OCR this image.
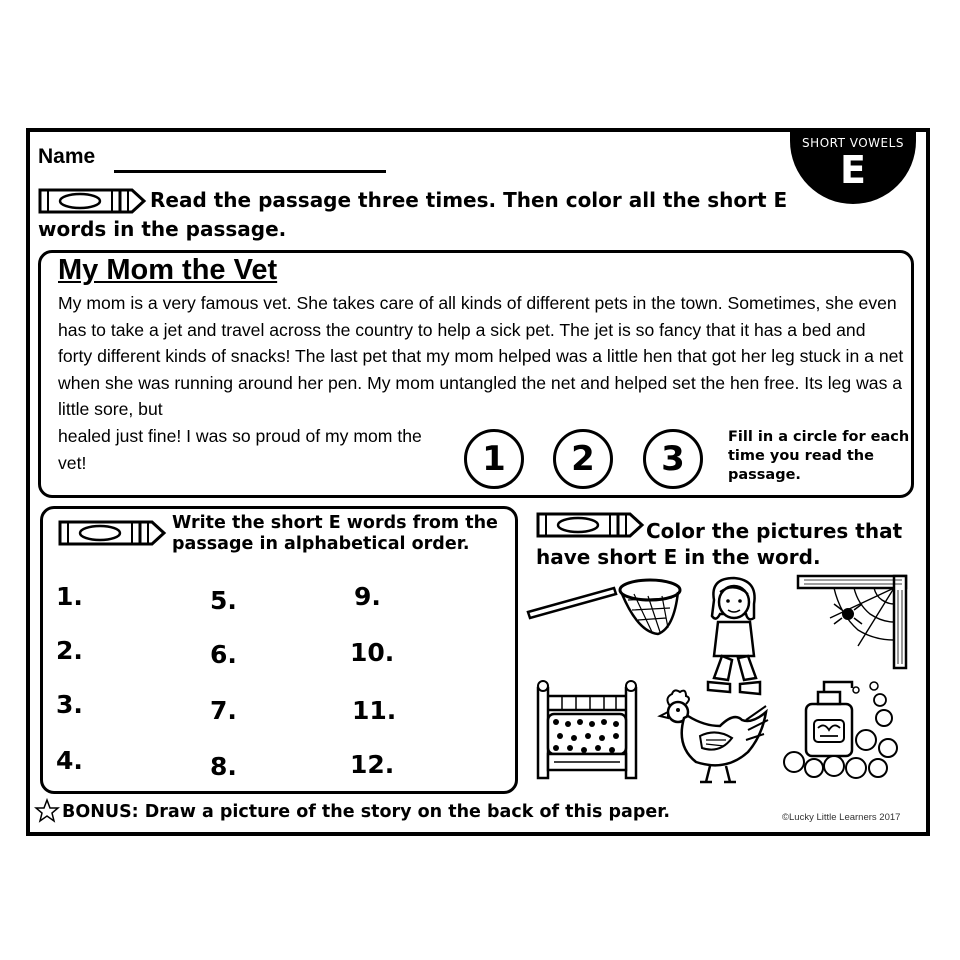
SHORT VOWELS
E
Name
Read the passage three times. Then color all the short E words in the passage.
My Mom the Vet
My mom is a very famous vet. She takes care of all kinds of different pets in the town. Sometimes, she even has to take a jet and travel across the country to help a sick pet. The jet is so fancy that it has a bed and forty different kinds of snacks! The last pet that my mom helped was a little hen that got her leg stuck in a net when she was running around her pen. My mom untangled the net and helped set the hen free. Its leg was a little sore, but
healed just fine! I was so proud of my mom the vet!	1	2	3
Fill in a circle for each time you read the passage.
Write the short E words from the passage in alphabetical order.
1.
2.
3.
4.
5.
6.
7.
8.
9.
10.
11.
12.
Color the pictures that have short E in the word.
BONUS: Draw a picture of the story on the back of this paper.	©Lucky Little Learners 2017
